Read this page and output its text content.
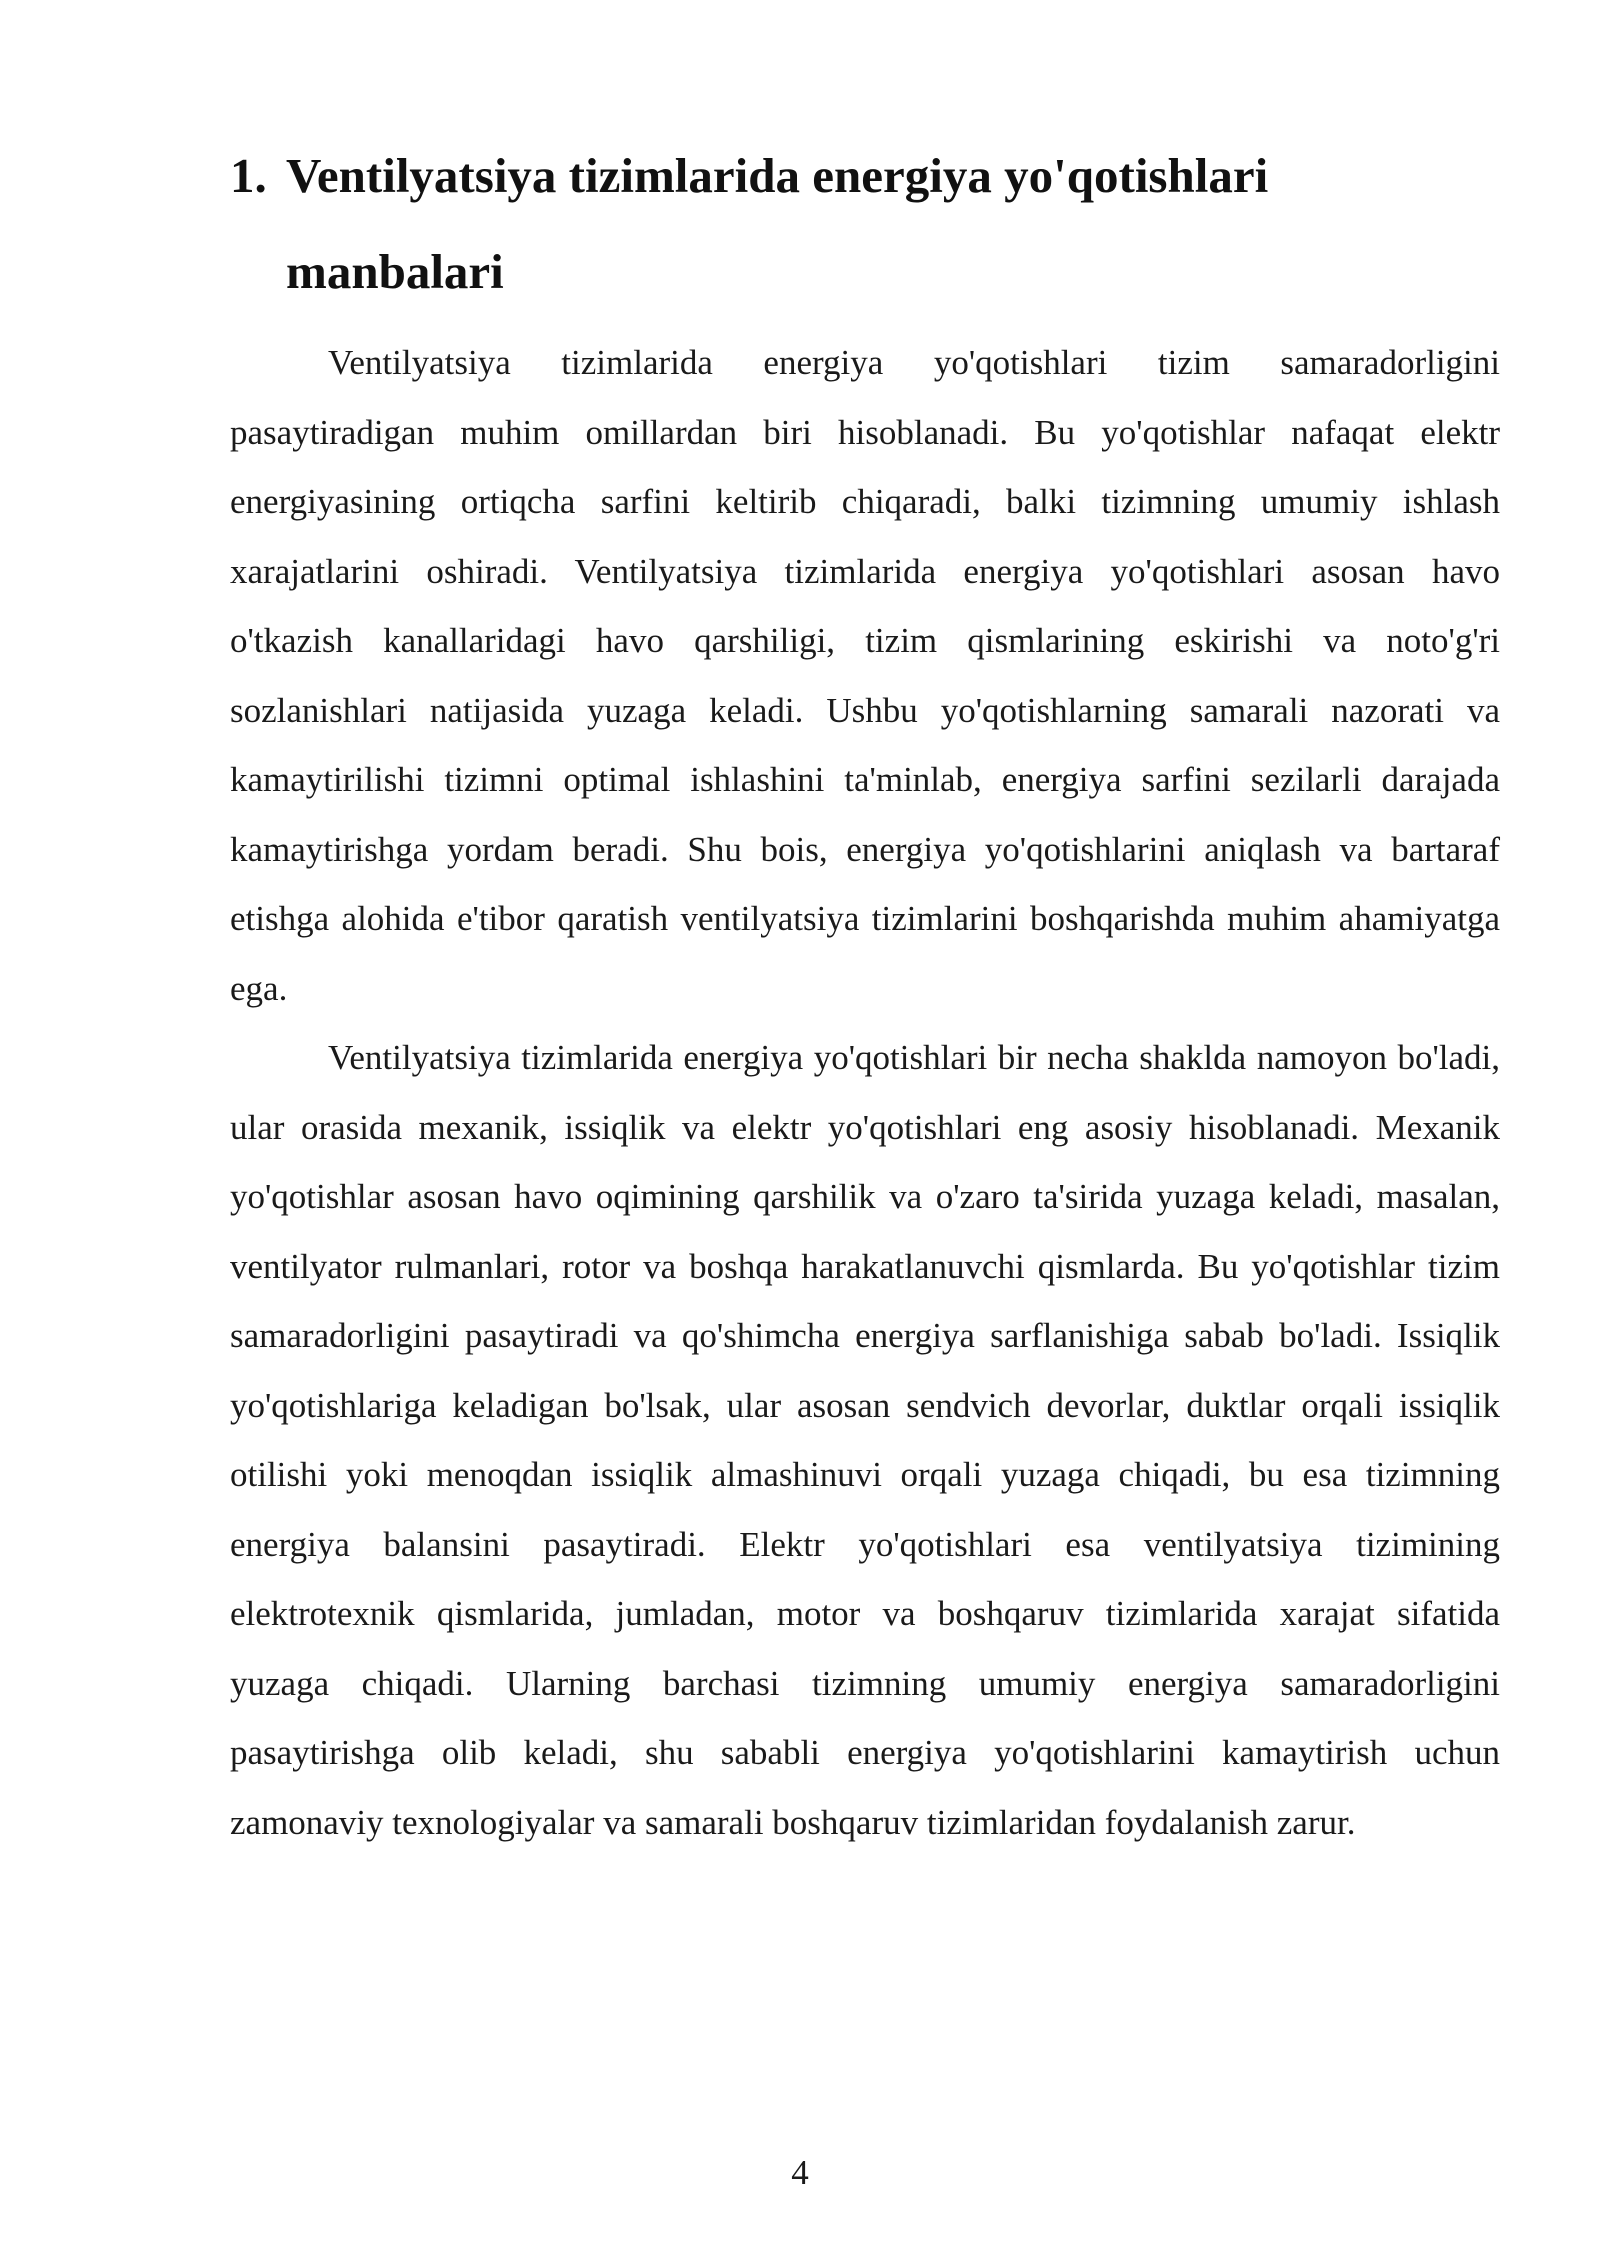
1. Ventilyatsiya tizimlarida energiya yo'qotishlari
manbalari

Ventilyatsiya tizimlarida energiya yo'qotishlari tizim samaradorligini pasaytiradigan muhim omillardan biri hisoblanadi. Bu yo'qotishlar nafaqat elektr energiyasining ortiqcha sarfini keltirib chiqaradi, balki tizimning umumiy ishlash xarajatlarini oshiradi. Ventilyatsiya tizimlarida energiya yo'qotishlari asosan havo o'tkazish kanallaridagi havo qarshiligi, tizim qismlarining eskirishi va noto'g'ri sozlanishlari natijasida yuzaga keladi. Ushbu yo'qotishlarning samarali nazorati va kamaytirilishi tizimni optimal ishlashini ta'minlab, energiya sarfini sezilarli darajada kamaytirishga yordam beradi. Shu bois, energiya yo'qotishlarini aniqlash va bartaraf etishga alohida e'tibor qaratish ventilyatsiya tizimlarini boshqarishda muhim ahamiyatga ega.

Ventilyatsiya tizimlarida energiya yo'qotishlari bir necha shaklda namoyon bo'ladi, ular orasida mexanik, issiqlik va elektr yo'qotishlari eng asosiy hisoblanadi. Mexanik yo'qotishlar asosan havo oqimining qarshilik va o'zaro ta'sirida yuzaga keladi, masalan, ventilyator rulmanlari, rotor va boshqa harakatlanuvchi qismlarda. Bu yo'qotishlar tizim samaradorligini pasaytiradi va qo'shimcha energiya sarflanishiga sabab bo'ladi. Issiqlik yo'qotishlariga keladigan bo'lsak, ular asosan sendvich devorlar, duktlar orqali issiqlik otilishi yoki menoqdan issiqlik almashinuvi orqali yuzaga chiqadi, bu esa tizimning energiya balansini pasaytiradi. Elektr yo'qotishlari esa ventilyatsiya tizimining elektrotexnik qismlarida, jumladan, motor va boshqaruv tizimlarida xarajat sifatida yuzaga chiqadi. Ularning barchasi tizimning umumiy energiya samaradorligini pasaytirishga olib keladi, shu sababli energiya yo'qotishlarini kamaytirish uchun zamonaviy texnologiyalar va samarali boshqaruv tizimlaridan foydalanish zarur.

4
